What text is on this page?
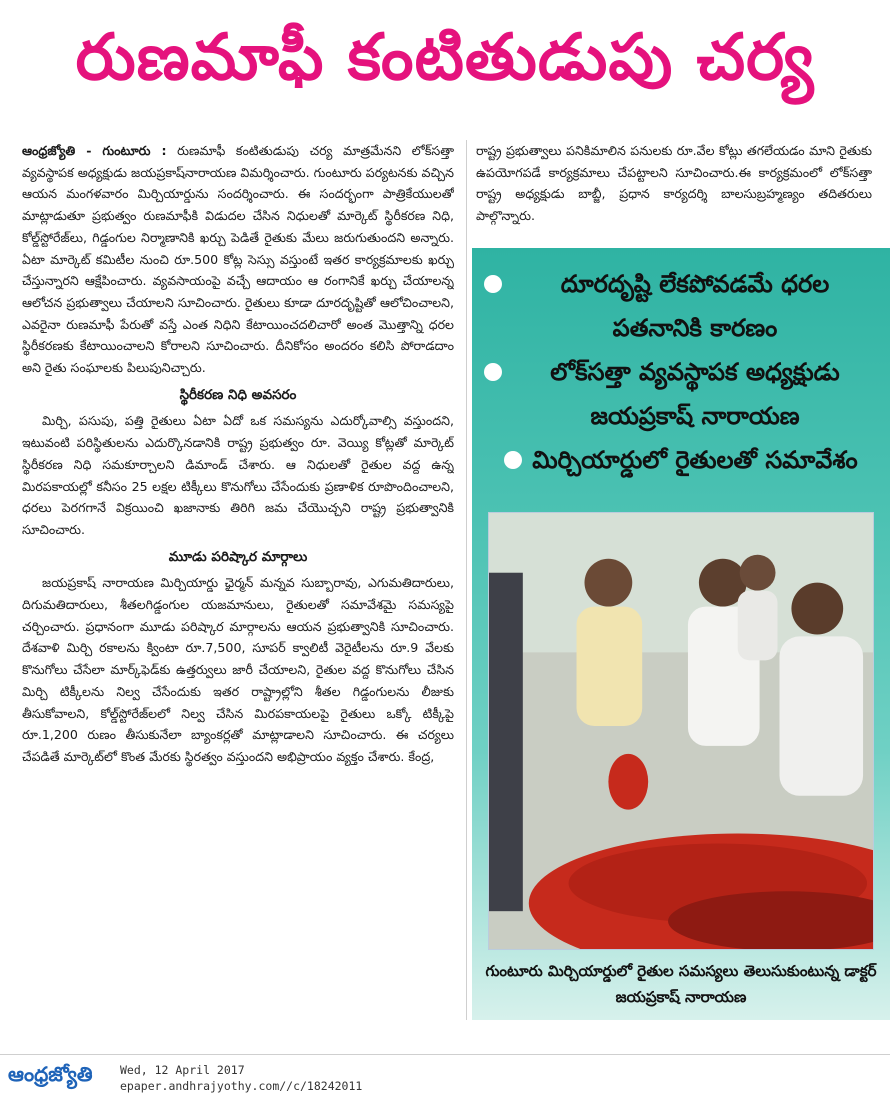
రుణమాఫీ కంటితుడుపు చర్య

ఆంధ్రజ్యోతి - గుంటూరు : రుణమాఫీ కంటితుడుపు చర్య మాత్రమేనని లోక్‌సత్తా వ్యవస్థాపక అధ్యక్షుడు జయప్రకాష్‌నారాయణ విమర్శించారు. గుంటూరు పర్యటనకు వచ్చిన ఆయన మంగళవారం మిర్చియార్డును సందర్శించారు. ఈ సందర్భంగా పాత్రికేయులతో మాట్లాడుతూ ప్రభుత్వం రుణమాఫీకి విడుదల చేసిన నిధులతో మార్కెట్‌ స్థిరీకరణ నిధి, కోల్డ్‌స్టోరేజ్‌లు, గిడ్డంగుల నిర్మాణానికి ఖర్చు పెడితే రైతుకు మేలు జరుగుతుందని అన్నారు. ఏటా మార్కెట్‌ కమిటీల నుంచి రూ.500 కోట్ల సెస్సు వస్తుంటే ఇతర కార్యక్రమాలకు ఖర్చు చేస్తున్నారని ఆక్షేపించారు. వ్యవసాయంపై వచ్చే ఆదాయం ఆ రంగానికే ఖర్చు చేయాలన్న ఆలోచన ప్రభుత్వాలు చేయాలని సూచించారు. రైతులు కూడా దూరదృష్టితో ఆలోచించాలని, ఎవరైనా రుణమాఫీ పేరుతో వస్తే ఎంత నిధిని కేటాయించదలిచారో అంత మొత్తాన్ని ధరల స్థిరీకరణకు కేటాయించాలని కోరాలని సూచించారు. దీనికోసం అందరం కలిసి పోరాడదాం అని రైతు సంఘాలకు పిలుపునిచ్చారు.

స్థిరీకరణ నిధి అవసరం

మిర్చి, పసుపు, పత్తి రైతులు ఏటా ఏదో ఒక సమస్యను ఎదుర్కోవాల్సి వస్తుందని, ఇటువంటి పరిస్థితులను ఎదుర్కొనడానికి రాష్ట్ర ప్రభుత్వం రూ. వెయ్యి కోట్లతో మార్కెట్‌ స్థిరీకరణ నిధి సమకూర్చాలని డిమాండ్‌ చేశారు. ఆ నిధులతో రైతుల వద్ద ఉన్న మిరపకాయల్లో కనీసం 25 లక్షల టిక్కీలు కొనుగోలు చేసేందుకు ప్రణాళిక రూపొందించాలని, ధరలు పెరగగానే విక్రయించి ఖజానాకు తిరిగి జమ చేయొచ్చని రాష్ట్ర ప్రభుత్వానికి సూచించారు.

మూడు పరిష్కార మార్గాలు

జయప్రకాష్‌ నారాయణ మిర్చియార్డు ఛైర్మన్‌ మన్నవ సుబ్బారావు, ఎగుమతిదారులు, దిగుమతిదారులు, శీతలగిడ్డంగుల యజమానులు, రైతులతో సమావేశమై సమస్యపై చర్చించారు. ప్రధానంగా మూడు పరిష్కార మార్గాలను ఆయన ప్రభుత్వానికి సూచించారు. దేశవాళి మిర్చి రకాలను క్వింటా రూ.7,500, సూపర్‌ క్వాలిటీ వెరైటీలను రూ.9 వేలకు కొనుగోలు చేసేలా మార్క్‌ఫెడ్‌కు ఉత్తర్వులు జారీ చేయాలని, రైతుల వద్ద కొనుగోలు చేసిన మిర్చి టిక్కీలను నిల్వ చేసేందుకు ఇతర రాష్ట్రాల్లోని శీతల గిడ్డంగులను లీజుకు తీసుకోవాలని, కోల్డ్‌స్టోరేజ్‌లలో నిల్వ చేసిన మిరపకాయలపై రైతులు ఒక్కో టిక్కీపై రూ.1,200 రుణం తీసుకునేలా బ్యాంకర్లతో మాట్లాడాలని సూచించారు. ఈ చర్యలు చేపడితే మార్కెట్‌లో కొంత మేరకు స్థిరత్వం వస్తుందని అభిప్రాయం వ్యక్తం చేశారు. కేంద్ర,

రాష్ట్ర ప్రభుత్వాలు పనికిమాలిన పనులకు రూ.వేల కోట్లు తగలేయడం మాని రైతుకు ఉపయోగపడే కార్యక్రమాలు చేపట్టాలని సూచించారు.ఈ కార్యక్రమంలో లోక్‌సత్తా రాష్ట్ర అధ్యక్షుడు బాబ్జీ, ప్రధాన కార్యదర్శి బాలసుబ్రహ్మణ్యం తదితరులు పాల్గొన్నారు.
దూరదృష్టి లేకపోవడమే ధరల పతనానికి కారణం
లోక్‌సత్తా వ్యవస్థాపక అధ్యక్షుడు జయప్రకాష్‌ నారాయణ
మిర్చియార్డులో రైతులతో సమావేశం
గుంటూరు మిర్చియార్డులో రైతుల సమస్యలు తెలుసుకుంటున్న డాక్టర్‌ జయప్రకాష్‌ నారాయణ
ఆంధ్రజ్యోతి Wed, 12 April 2017
epaper.andhrajyothy.com//c/18242011
